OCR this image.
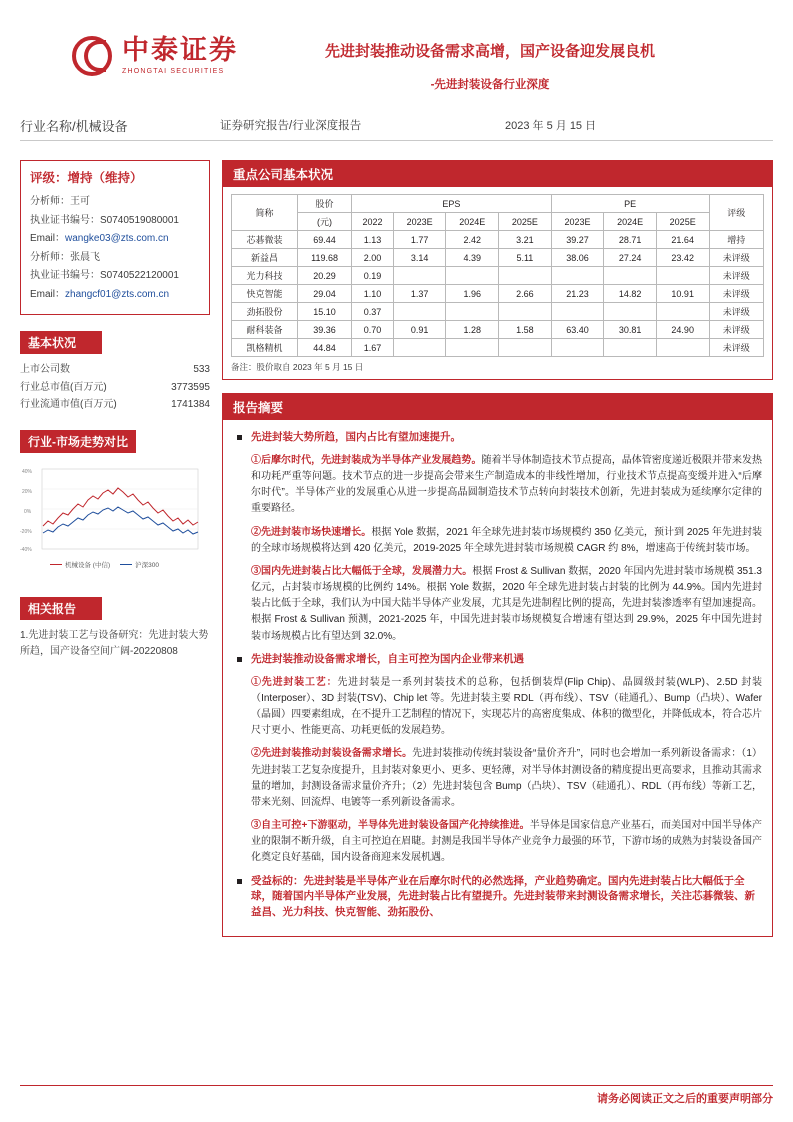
中泰证券
ZHONGTAI SECURITIES
先进封装推动设备需求高增，国产设备迎发展良机
-先进封装设备行业深度
行业名称/机械设备	证券研究报告/行业深度报告	2023 年 5 月 15 日
评级：增持（维持）
分析师：王可
执业证书编号：S0740519080001
Email：wangke03@zts.com.cn
分析师：张晨飞
执业证书编号：S0740522120001
Email：zhangcf01@zts.com.cn
基本状况
上市公司数	533
行业总市值(百万元)	3773595
行业流通市值(百万元)	1741384
行业-市场走势对比
40%
20%
0%
-20%
-40%
机械设备 (中信)	沪深300
相关报告
1.先进封装工艺与设备研究：先进封装大势所趋，国产设备空间广阔-20220808
重点公司基本状况
简称	股价	EPS				PE			评级
	(元)	2022	2023E	2024E	2025E	2023E	2024E	2025E	
芯碁微装	69.44	1.13	1.77	2.42	3.21	39.27	28.71	21.64	增持
新益昌	119.68	2.00	3.14	4.39	5.11	38.06	27.24	23.42	未评级
光力科技	20.29	0.19							未评级
快克智能	29.04	1.10	1.37	1.96	2.66	21.23	14.82	10.91	未评级
劲拓股份	15.10	0.37							未评级
耐科装备	39.36	0.70	0.91	1.28	1.58	63.40	30.81	24.90	未评级
凯格精机	44.84	1.67							未评级
备注：股价取自 2023 年 5 月 15 日
报告摘要

先进封装大势所趋，国内占比有望加速提升。

①后摩尔时代，先进封装成为半导体产业发展趋势。随着半导体制造技术节点提高，晶体管密度递近极限并带来发热和功耗严重等问题。技术节点的进一步提高会带来生产制造成本的非线性增加，行业技术节点提高变缓并进入“后摩尔时代”。半导体产业的发展重心从进一步提高晶圆制造技术节点转向封装技术创新，先进封装成为延续摩尔定律的重要路径。

②先进封装市场快速增长。根据 Yole 数据，2021 年全球先进封装市场规模约 350 亿美元，预计到 2025 年先进封装的全球市场规模将达到 420 亿美元，2019-2025 年全球先进封装市场规模 CAGR 约 8%，增速高于传统封装市场。

③国内先进封装占比大幅低于全球，发展潜力大。根据 Frost & Sullivan 数据，2020 年国内先进封装市场规模 351.3 亿元，占封装市场规模的比例约 14%。根据 Yole 数据，2020 年全球先进封装占封装的比例为 44.9%。国内先进封装占比低于全球，我们认为中国大陆半导体产业发展，尤其是先进制程比例的提高，先进封装渗透率有望加速提高。根据 Frost & Sullivan 预测，2021-2025 年，中国先进封装市场规模复合增速有望达到 29.9%，2025 年中国先进封装市场规模占比有望达到 32.0%。

先进封装推动设备需求增长，自主可控为国内企业带来机遇

①先进封装工艺：先进封装是一系列封装技术的总称，包括倒装焊(Flip Chip)、晶圆级封装(WLP)、2.5D 封装（Interposer）、3D 封装(TSV)、Chip let 等。先进封装主要 RDL（再布线）、TSV（硅通孔）、Bump（凸块）、Wafer（晶圆）四要素组成，在不提升工艺制程的情况下，实现芯片的高密度集成、体积的微型化，并降低成本，符合芯片尺寸更小、性能更高、功耗更低的发展趋势。

②先进封装推动封装设备需求增长。先进封装推动传统封装设备“量价齐升”，同时也会增加一系列新设备需求：（1）先进封装工艺复杂度提升，且封装对象更小、更多、更轻薄，对半导体封测设备的精度提出更高要求，且推动其需求量的增加，封测设备需求量价齐升；（2）先进封装包含 Bump（凸块）、TSV（硅通孔）、RDL（再布线）等新工艺，带来光刻、回流焊、电镀等一系列新设备需求。

③自主可控+下游驱动，半导体先进封装设备国产化持续推进。半导体是国家信息产业基石，而美国对中国半导体产业的限制不断升级，自主可控迫在眉睫。封测是我国半导体产业竞争力最强的环节，下游市场的成熟为封装设备国产化奠定良好基础，国内设备商迎来发展机遇。

受益标的：先进封装是半导体产业在后摩尔时代的必然选择，产业趋势确定。国内先进封装占比大幅低于全球，随着国内半导体产业发展，先进封装占比有望提升。先进封装带来封测设备需求增长，关注芯碁微装、新益昌、光力科技、快克智能、劲拓股份、

请务必阅读正文之后的重要声明部分
